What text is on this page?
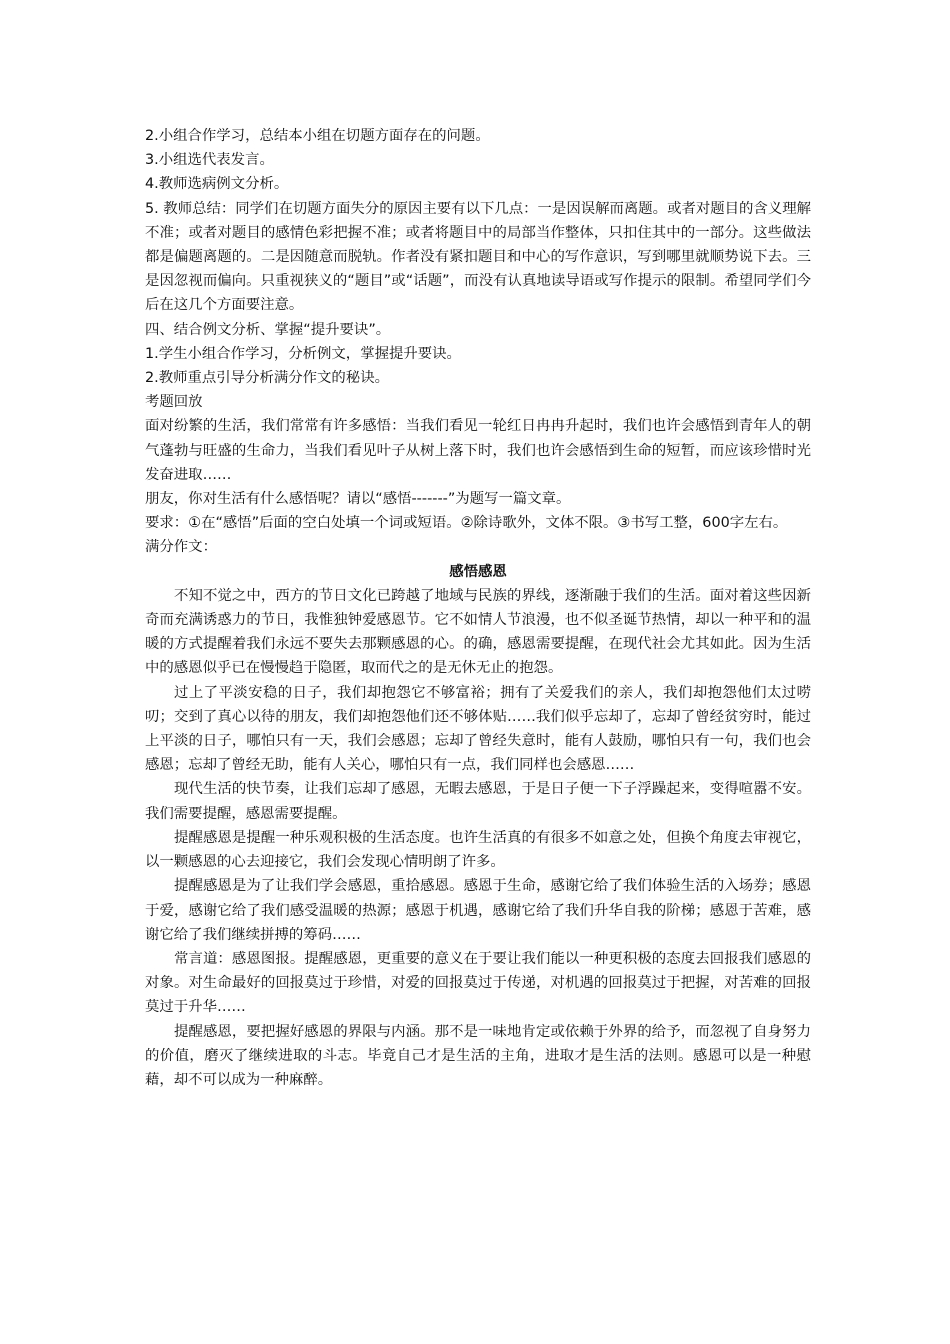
2.小组合作学习，总结本小组在切题方面存在的问题。

3.小组选代表发言。

4.教师选病例文分析。

5. 教师总结：同学们在切题方面失分的原因主要有以下几点：一是因误解而离题。或者对题目的含义理解不准；或者对题目的感情色彩把握不准；或者将题目中的局部当作整体，只扣住其中的一部分。这些做法都是偏题离题的。二是因随意而脱轨。作者没有紧扣题目和中心的写作意识，写到哪里就顺势说下去。三是因忽视而偏向。只重视狭义的“题目”或“话题”，而没有认真地读导语或写作提示的限制。希望同学们今后在这几个方面要注意。

四、结合例文分析、掌握“提升要诀”。

1.学生小组合作学习，分析例文，掌握提升要诀。

2.教师重点引导分析满分作文的秘诀。

考题回放

面对纷繁的生活，我们常常有许多感悟：当我们看见一轮红日冉冉升起时，我们也许会感悟到青年人的朝气蓬勃与旺盛的生命力，当我们看见叶子从树上落下时，我们也许会感悟到生命的短暂，而应该珍惜时光发奋进取……

朋友，你对生活有什么感悟呢？请以“感悟-------”为题写一篇文章。

要求：①在“感悟”后面的空白处填一个词或短语。②除诗歌外，文体不限。③书写工整，600字左右。

满分作文：

感悟感恩

不知不觉之中，西方的节日文化已跨越了地域与民族的界线，逐渐融于我们的生活。面对着这些因新奇而充满诱惑力的节日，我惟独钟爱感恩节。它不如情人节浪漫，也不似圣诞节热情，却以一种平和的温暖的方式提醒着我们永远不要失去那颗感恩的心。的确，感恩需要提醒，在现代社会尤其如此。因为生活中的感恩似乎已在慢慢趋于隐匿，取而代之的是无休无止的抱怨。

过上了平淡安稳的日子，我们却抱怨它不够富裕；拥有了关爱我们的亲人，我们却抱怨他们太过唠叨；交到了真心以待的朋友，我们却抱怨他们还不够体贴……我们似乎忘却了，忘却了曾经贫穷时，能过上平淡的日子，哪怕只有一天，我们会感恩；忘却了曾经失意时，能有人鼓励，哪怕只有一句，我们也会感恩；忘却了曾经无助，能有人关心，哪怕只有一点，我们同样也会感恩……

现代生活的快节奏，让我们忘却了感恩，无暇去感恩，于是日子便一下子浮躁起来，变得喧嚣不安。我们需要提醒，感恩需要提醒。

提醒感恩是提醒一种乐观积极的生活态度。也许生活真的有很多不如意之处，但换个角度去审视它，以一颗感恩的心去迎接它，我们会发现心情明朗了许多。

提醒感恩是为了让我们学会感恩，重拾感恩。感恩于生命，感谢它给了我们体验生活的入场券；感恩于爱，感谢它给了我们感受温暖的热源；感恩于机遇，感谢它给了我们升华自我的阶梯；感恩于苦难，感谢它给了我们继续拼搏的筹码……

常言道：感恩图报。提醒感恩，更重要的意义在于要让我们能以一种更积极的态度去回报我们感恩的对象。对生命最好的回报莫过于珍惜，对爱的回报莫过于传递，对机遇的回报莫过于把握，对苦难的回报莫过于升华……

提醒感恩，要把握好感恩的界限与内涵。那不是一味地肯定或依赖于外界的给予，而忽视了自身努力的价值，磨灭了继续进取的斗志。毕竟自己才是生活的主角，进取才是生活的法则。感恩可以是一种慰藉，却不可以成为一种麻醉。
